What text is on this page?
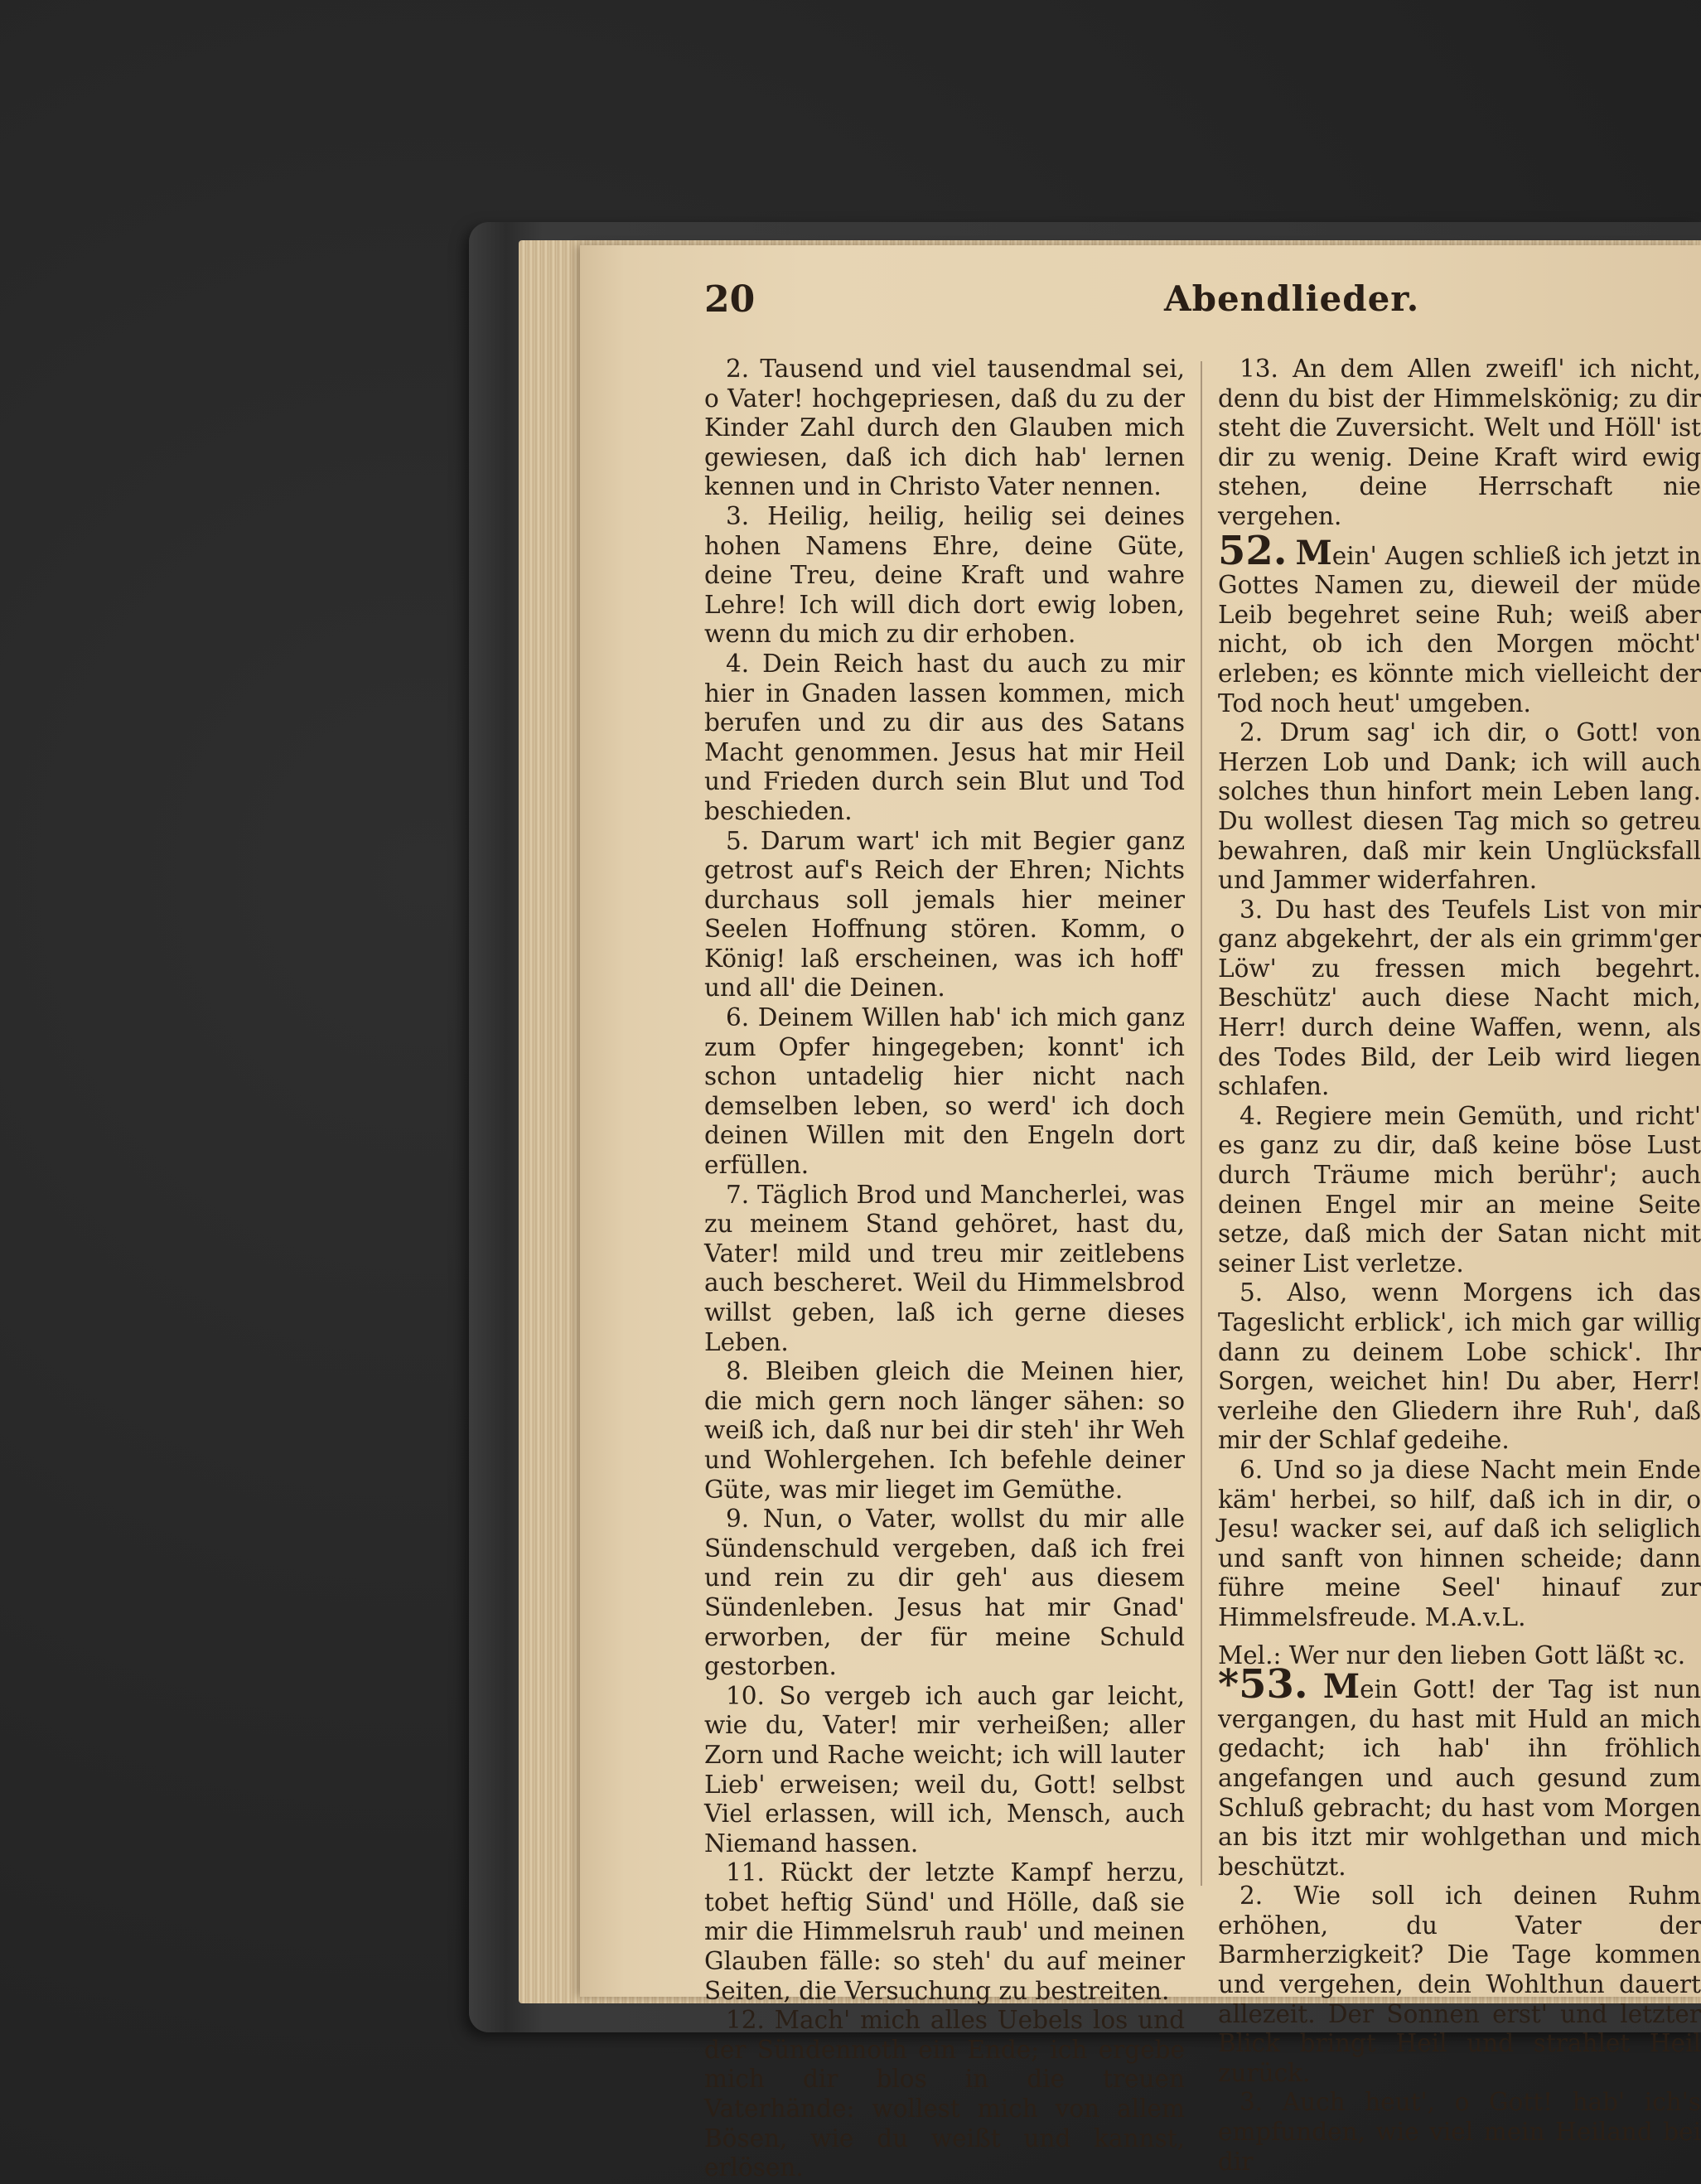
20	Abendlieder.

2. Tausend und viel tausendmal sei, o Vater! hochgepriesen, daß du zu der Kinder Zahl durch den Glauben mich gewiesen, daß ich dich hab' lernen kennen und in Christo Vater nennen.

3. Heilig, heilig, heilig sei deines hohen Namens Ehre, deine Güte, deine Treu, deine Kraft und wahre Lehre! Ich will dich dort ewig loben, wenn du mich zu dir erhoben.

4. Dein Reich hast du auch zu mir hier in Gnaden lassen kommen, mich berufen und zu dir aus des Satans Macht genommen. Jesus hat mir Heil und Frieden durch sein Blut und Tod beschieden.

5. Darum wart' ich mit Begier ganz getrost auf's Reich der Ehren; Nichts durchaus soll jemals hier meiner Seelen Hoffnung stören. Komm, o König! laß erscheinen, was ich hoff' und all' die Deinen.

6. Deinem Willen hab' ich mich ganz zum Opfer hingegeben; konnt' ich schon untadelig hier nicht nach demselben leben, so werd' ich doch deinen Willen mit den Engeln dort erfüllen.

7. Täglich Brod und Mancherlei, was zu meinem Stand gehöret, hast du, Vater! mild und treu mir zeitlebens auch bescheret. Weil du Himmelsbrod willst geben, laß ich gerne dieses Leben.

8. Bleiben gleich die Meinen hier, die mich gern noch länger sähen: so weiß ich, daß nur bei dir steh' ihr Weh und Wohlergehen. Ich befehle deiner Güte, was mir lieget im Gemüthe.

9. Nun, o Vater, wollst du mir alle Sündenschuld vergeben, daß ich frei und rein zu dir geh' aus diesem Sündenleben. Jesus hat mir Gnad' erworben, der für meine Schuld gestorben.

10. So vergeb ich auch gar leicht, wie du, Vater! mir verheißen; aller Zorn und Rache weicht; ich will lauter Lieb' erweisen; weil du, Gott! selbst Viel erlassen, will ich, Mensch, auch Niemand hassen.

11. Rückt der letzte Kampf herzu, tobet heftig Sünd' und Hölle, daß sie mir die Himmelsruh raub' und meinen Glauben fälle: so steh' du auf meiner Seiten, die Versuchung zu bestreiten.

12. Mach' mich alles Uebels los und der Sündennoth ein Ende; ich ergebe mich dir blos in die treuen Vaterhände: wollest mich von allem Bösen, wie du weißt und kannst, erlösen.

13. An dem Allen zweifl' ich nicht, denn du bist der Himmelskönig; zu dir steht die Zuversicht. Welt und Höll' ist dir zu wenig. Deine Kraft wird ewig stehen, deine Herrschaft nie vergehen.

52. Mein' Augen schließ ich jetzt in Gottes Namen zu, dieweil der müde Leib begehret seine Ruh; weiß aber nicht, ob ich den Morgen möcht' erleben; es könnte mich vielleicht der Tod noch heut' umgeben.

2. Drum sag' ich dir, o Gott! von Herzen Lob und Dank; ich will auch solches thun hinfort mein Leben lang. Du wollest diesen Tag mich so getreu bewahren, daß mir kein Unglücksfall und Jammer widerfahren.

3. Du hast des Teufels List von mir ganz abgekehrt, der als ein grimm'ger Löw' zu fressen mich begehrt. Beschütz' auch diese Nacht mich, Herr! durch deine Waffen, wenn, als des Todes Bild, der Leib wird liegen schlafen.

4. Regiere mein Gemüth, und richt' es ganz zu dir, daß keine böse Lust durch Träume mich berühr'; auch deinen Engel mir an meine Seite setze, daß mich der Satan nicht mit seiner List verletze.

5. Also, wenn Morgens ich das Tageslicht erblick', ich mich gar willig dann zu deinem Lobe schick'. Ihr Sorgen, weichet hin! Du aber, Herr! verleihe den Gliedern ihre Ruh', daß mir der Schlaf gedeihe.

6. Und so ja diese Nacht mein Ende käm' herbei, so hilf, daß ich in dir, o Jesu! wacker sei, auf daß ich seliglich und sanft von hinnen scheide; dann führe meine Seel' hinauf zur Himmelsfreude. M.A.v.L.

Mel.: Wer nur den lieben Gott läßt ꝛc.

*53. Mein Gott! der Tag ist nun vergangen, du hast mit Huld an mich gedacht; ich hab' ihn fröhlich angefangen und auch gesund zum Schluß gebracht; du hast vom Morgen an bis itzt mir wohlgethan und mich beschützt.

2. Wie soll ich deinen Ruhm erhöhen, du Vater der Barmherzigkeit? Die Tage kommen und vergehen, dein Wohlthun dauert allezeit. Der Sonnen erst' und letzter Blick bringt Heil und strahlet Heil zurück.

3. Auch heut', o Gott! hab' ich's empfunden, wie viel mein Heiland bei dir
